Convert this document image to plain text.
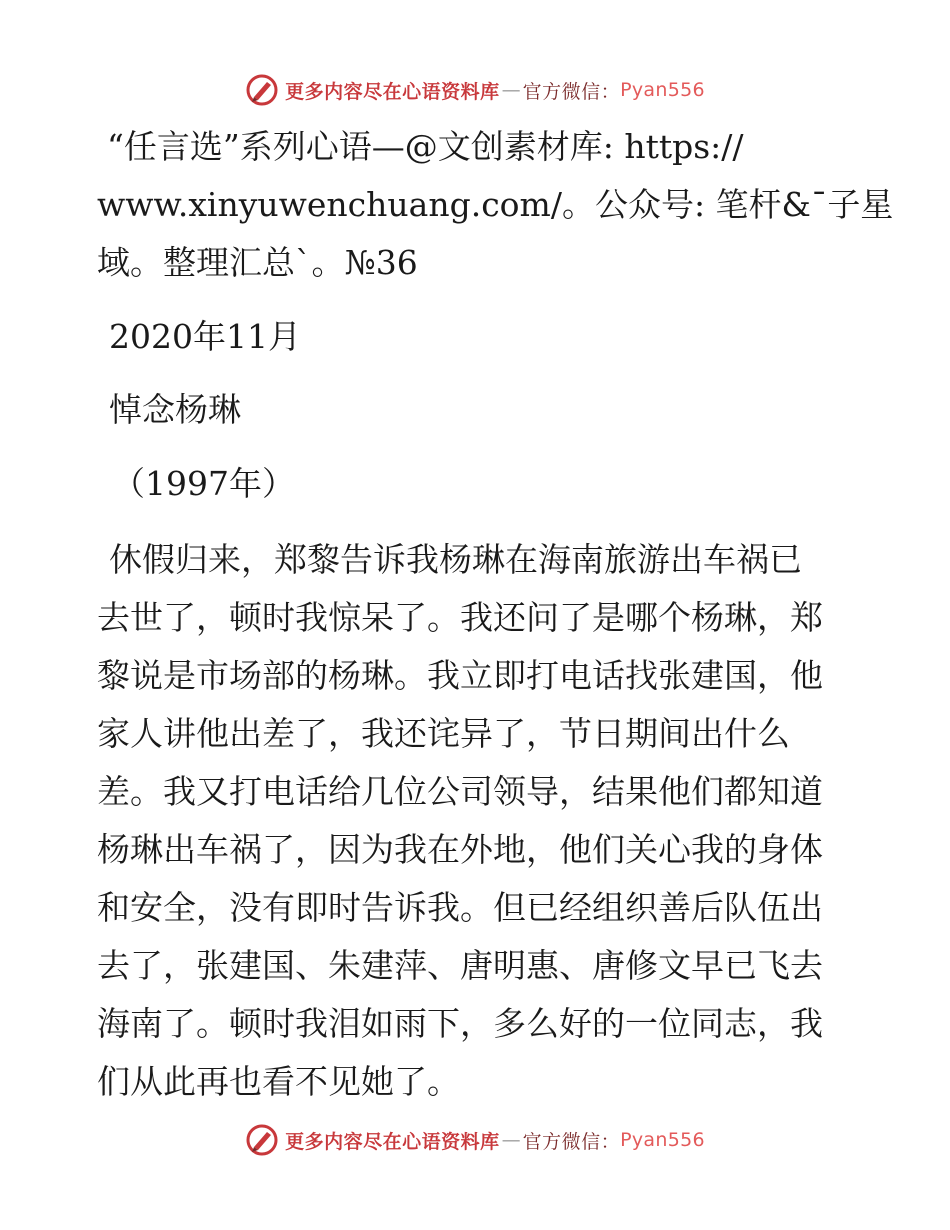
更多内容尽在心语资料库 — 官方微信： Pyan556
“任言选”系列心语—@文创素材库: https://
www.xinyuwenchuang.com/。公众号: 笔杆&¯子星
域。整理汇总`。№36
2020年11月
悼念杨琳
（1997年）
休假归来，郑黎告诉我杨琳在海南旅游出车祸已
去世了，顿时我惊呆了。我还问了是哪个杨琳，郑
黎说是市场部的杨琳。我立即打电话找张建国，他
家人讲他出差了，我还诧异了，节日期间出什么
差。我又打电话给几位公司领导，结果他们都知道
杨琳出车祸了，因为我在外地，他们关心我的身体
和安全，没有即时告诉我。但已经组织善后队伍出
去了，张建国、朱建萍、唐明惠、唐修文早已飞去
海南了。顿时我泪如雨下，多么好的一位同志，我
们从此再也看不见她了。
更多内容尽在心语资料库 — 官方微信： Pyan556
